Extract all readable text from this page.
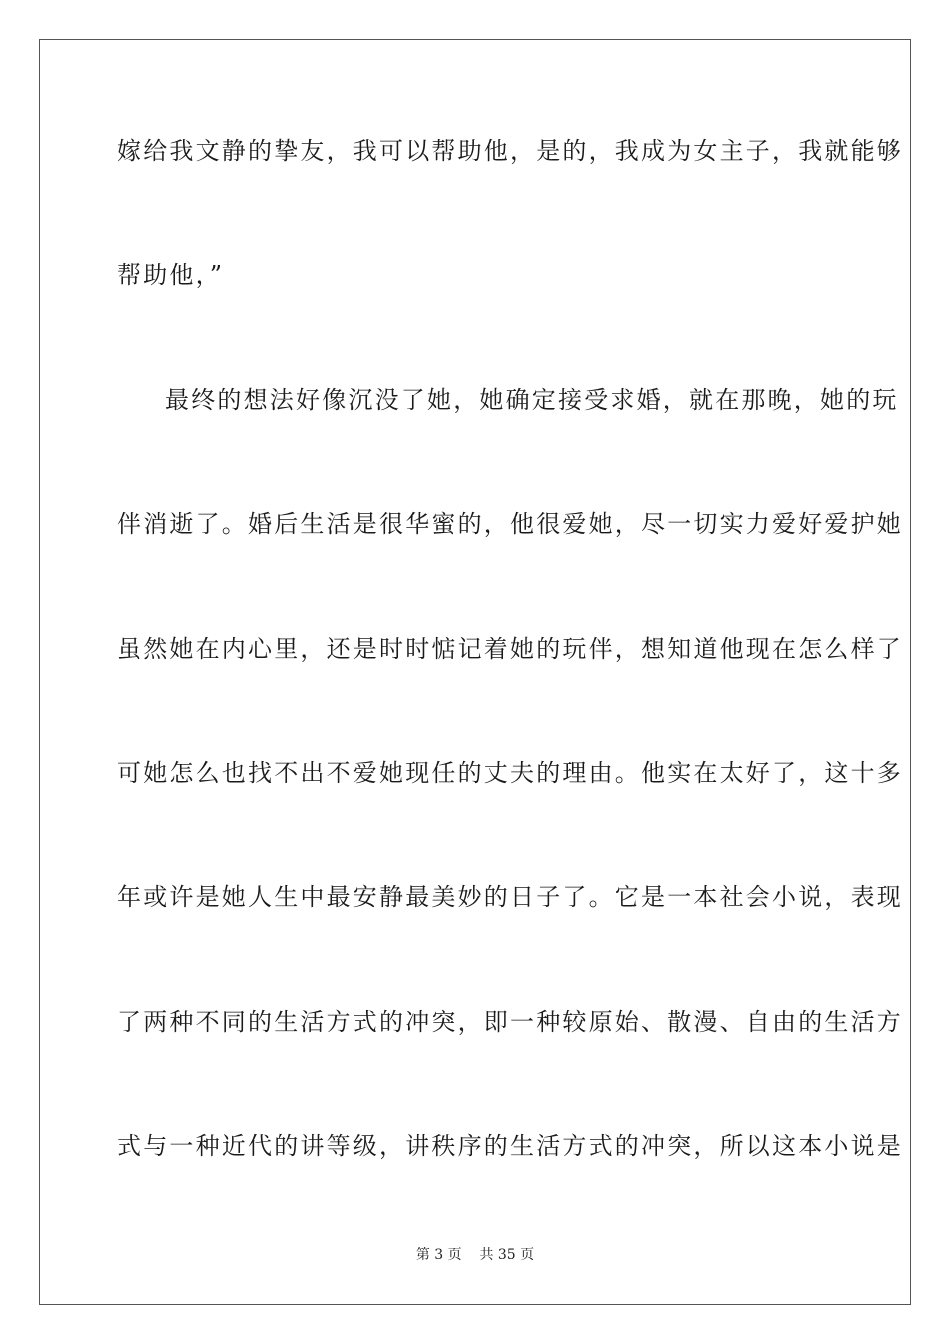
嫁给我文静的挚友，我可以帮助他，是的，我成为女主子，我就能够
帮助他，”
最终的想法好像沉没了她，她确定接受求婚，就在那晚，她的玩
伴消逝了。婚后生活是很华蜜的，他很爱她，尽一切实力爱好爱护她
虽然她在内心里，还是时时惦记着她的玩伴，想知道他现在怎么样了
可她怎么也找不出不爱她现任的丈夫的理由。他实在太好了，这十多
年或许是她人生中最安静最美妙的日子了。它是一本社会小说，表现
了两种不同的生活方式的冲突，即一种较原始、散漫、自由的生活方
式与一种近代的讲等级，讲秩序的生活方式的冲突，所以这本小说是
第 3 页 共 35 页
